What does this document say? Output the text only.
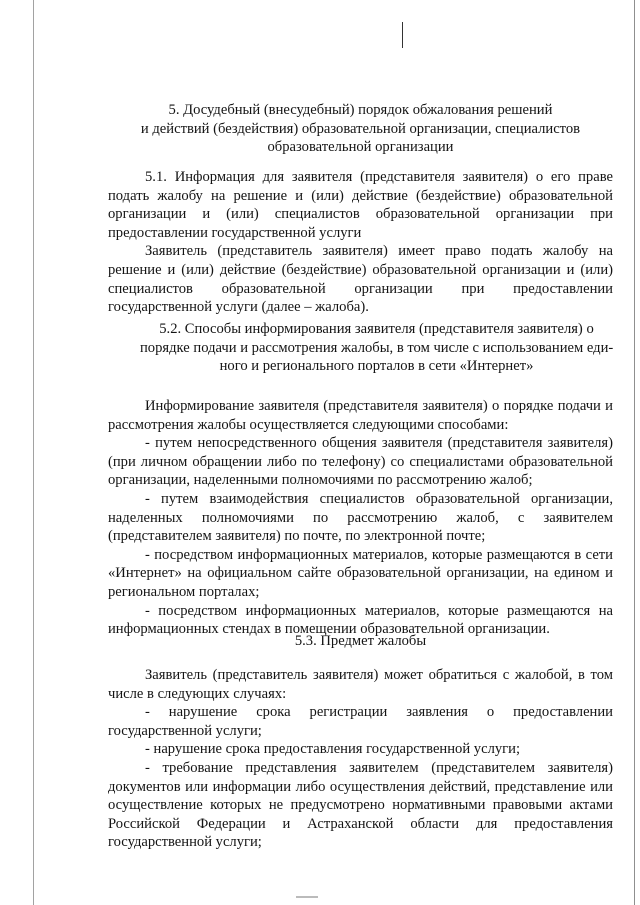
5. Досудебный (внесудебный) порядок обжалования решений
и действий (бездействия) образовательной организации, специалистов
образовательной организации

5.1. Информация для заявителя (представителя заявителя) о его праве подать жалобу на решение и (или) действие (бездействие) образовательной организации и (или) специалистов образовательной организации при предоставлении государственной услуги

Заявитель (представитель заявителя) имеет право подать жалобу на решение и (или) действие (бездействие) образовательной организации и (или) специалистов образовательной организации при предоставлении государственной услуги (далее – жалоба).

5.2. Способы информирования заявителя (представителя заявителя) о
порядке подачи и рассмотрения жалобы, в том числе с использованием еди-
ного и регионального порталов в сети «Интернет»

Информирование заявителя (представителя заявителя) о порядке подачи и рассмотрения жалобы осуществляется следующими способами:

- путем непосредственного общения заявителя (представителя заявителя) (при личном обращении либо по телефону) со специалистами образовательной организации, наделенными полномочиями по рассмотрению жалоб;

- путем взаимодействия специалистов образовательной организации, наделенных полномочиями по рассмотрению жалоб, с заявителем (представителем заявителя) по почте, по электронной почте;

- посредством информационных материалов, которые размещаются в сети «Интернет» на официальном сайте образовательной организации, на едином и региональном порталах;

- посредством информационных материалов, которые размещаются на информационных стендах в помещении образовательной организации.

5.3. Предмет жалобы

Заявитель (представитель заявителя) может обратиться с жалобой, в том числе в следующих случаях:

- нарушение срока регистрации заявления о предоставлении государственной услуги;

- нарушение срока предоставления государственной услуги;

- требование представления заявителем (представителем заявителя) документов или информации либо осуществления действий, представление или осуществление которых не предусмотрено нормативными правовыми актами Российской Федерации и Астраханской области для предоставления государственной услуги;
